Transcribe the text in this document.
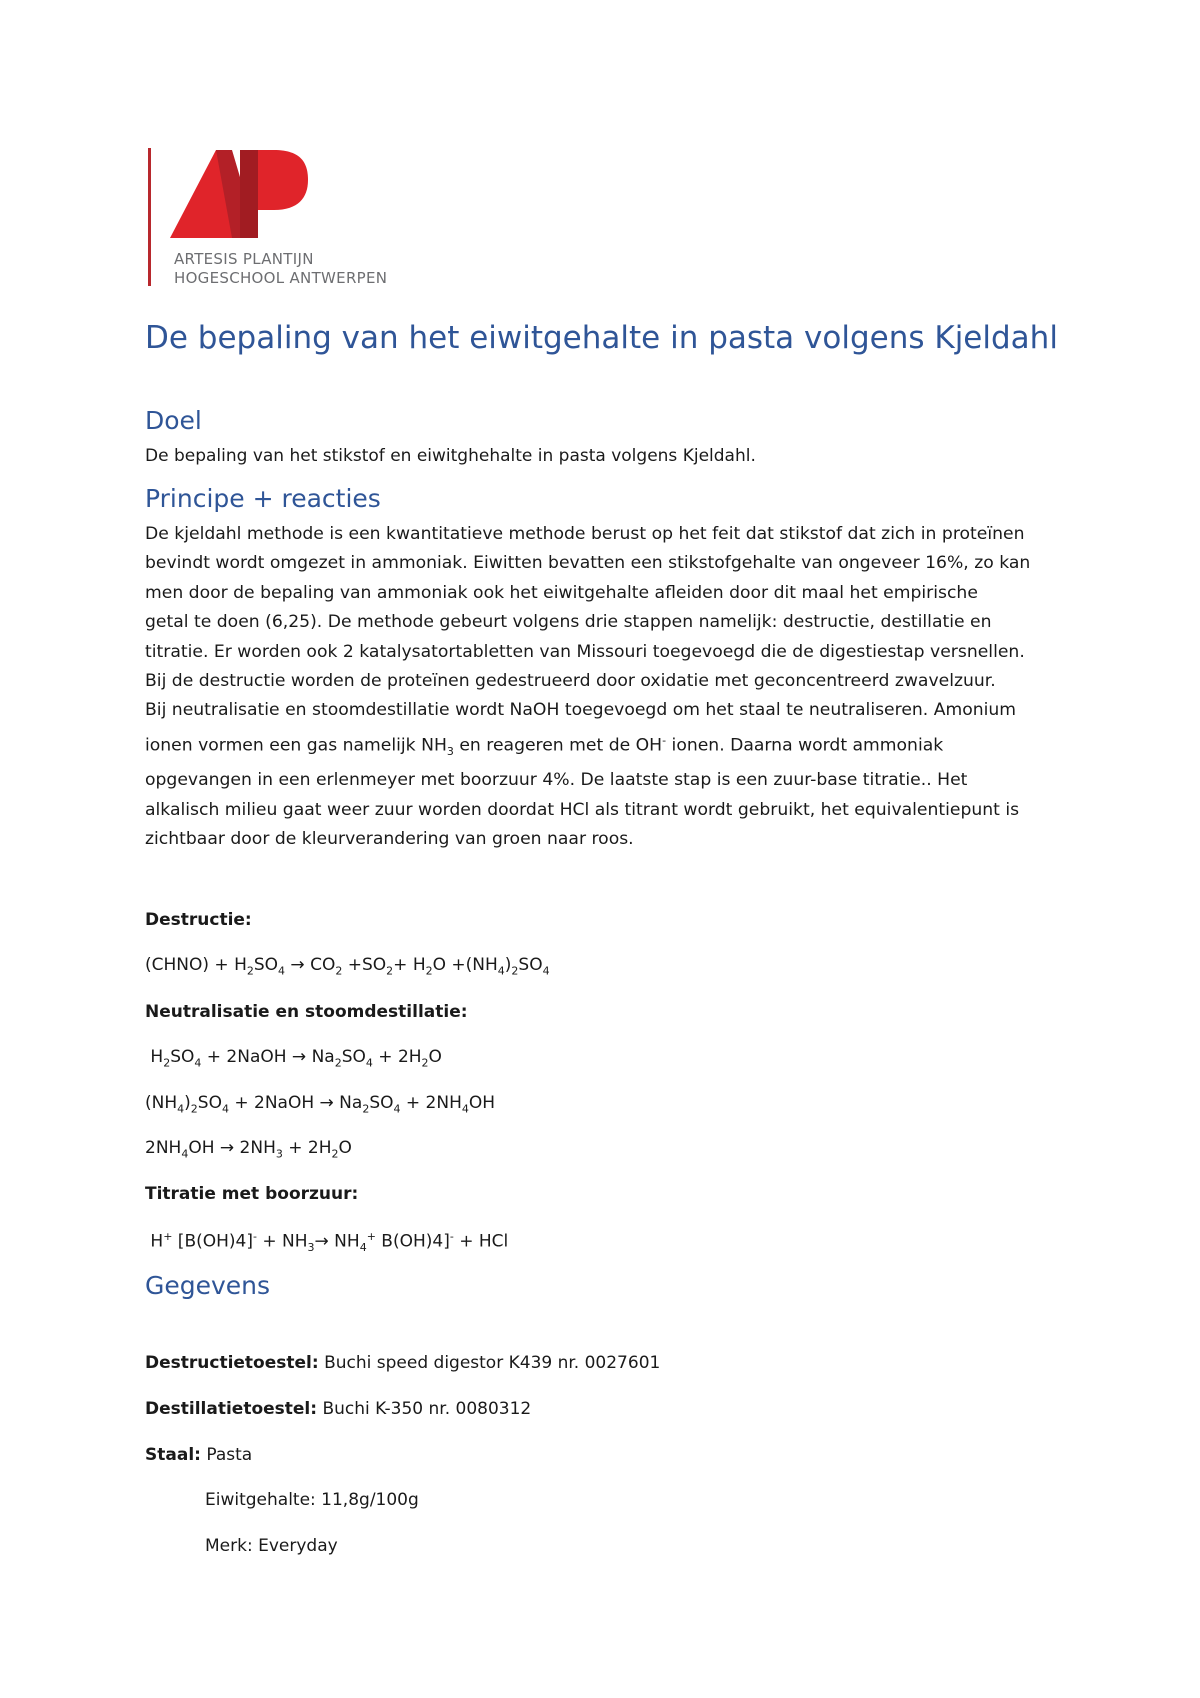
ARTESIS PLANTIJN
HOGESCHOOL ANTWERPEN
De bepaling van het eiwitgehalte in pasta volgens Kjeldahl
Doel

De bepaling van het stikstof en eiwitghehalte in pasta volgens Kjeldahl.

Principe + reacties
De kjeldahl methode is een kwantitatieve methode berust op het feit dat stikstof dat zich in proteïnen
bevindt wordt omgezet in ammoniak. Eiwitten bevatten een stikstofgehalte van ongeveer 16%, zo kan
men door de bepaling van ammoniak ook het eiwitgehalte afleiden door dit maal het empirische
getal te doen (6,25). De methode gebeurt volgens drie stappen namelijk: destructie, destillatie en
titratie. Er worden ook 2 katalysatortabletten van Missouri toegevoegd die de digestiestap versnellen.
Bij de destructie worden de proteïnen gedestrueerd door oxidatie met geconcentreerd zwavelzuur.
Bij neutralisatie en stoomdestillatie wordt NaOH toegevoegd om het staal te neutraliseren. Amonium
ionen vormen een gas namelijk $NH_3$ en reageren met de OH- ionen. Daarna wordt ammoniak
opgevangen in een erlenmeyer met boorzuur 4%. De laatste stap is een zuur-base titratie.. Het
alkalisch milieu gaat weer zuur worden doordat HCl als titrant wordt gebruikt, het equivalentiepunt is
zichtbaar door de kleurverandering van groen naar roos.
Destructie:
(CHNO) + $H_2SO_4 \to CO_2 +SO_2+ H_2O +(NH_4)_2SO_4$
Neutralisatie en stoomdestillatie:
$H_2SO_4$ + 2NaOH → $Na_2SO_4 + 2H_2O$
$(NH_4)_2SO_4$ + 2NaOH → $Na_2SO_4 + 2NH_4OH$
$2NH_4OH \to 2NH_3 + 2H_2O$
Titratie met boorzuur:
H+ $[B(OH)4]^- + NH_3\to NH_4^+$ B(OH)4]- + HCl
Gegevens
Destructietoestel: Buchi speed digestor K439 nr. 0027601
Destillatietoestel: Buchi K-350 nr. 0080312
Staal: Pasta
Eiwitgehalte: 11,8g/100g
Merk: Everyday
